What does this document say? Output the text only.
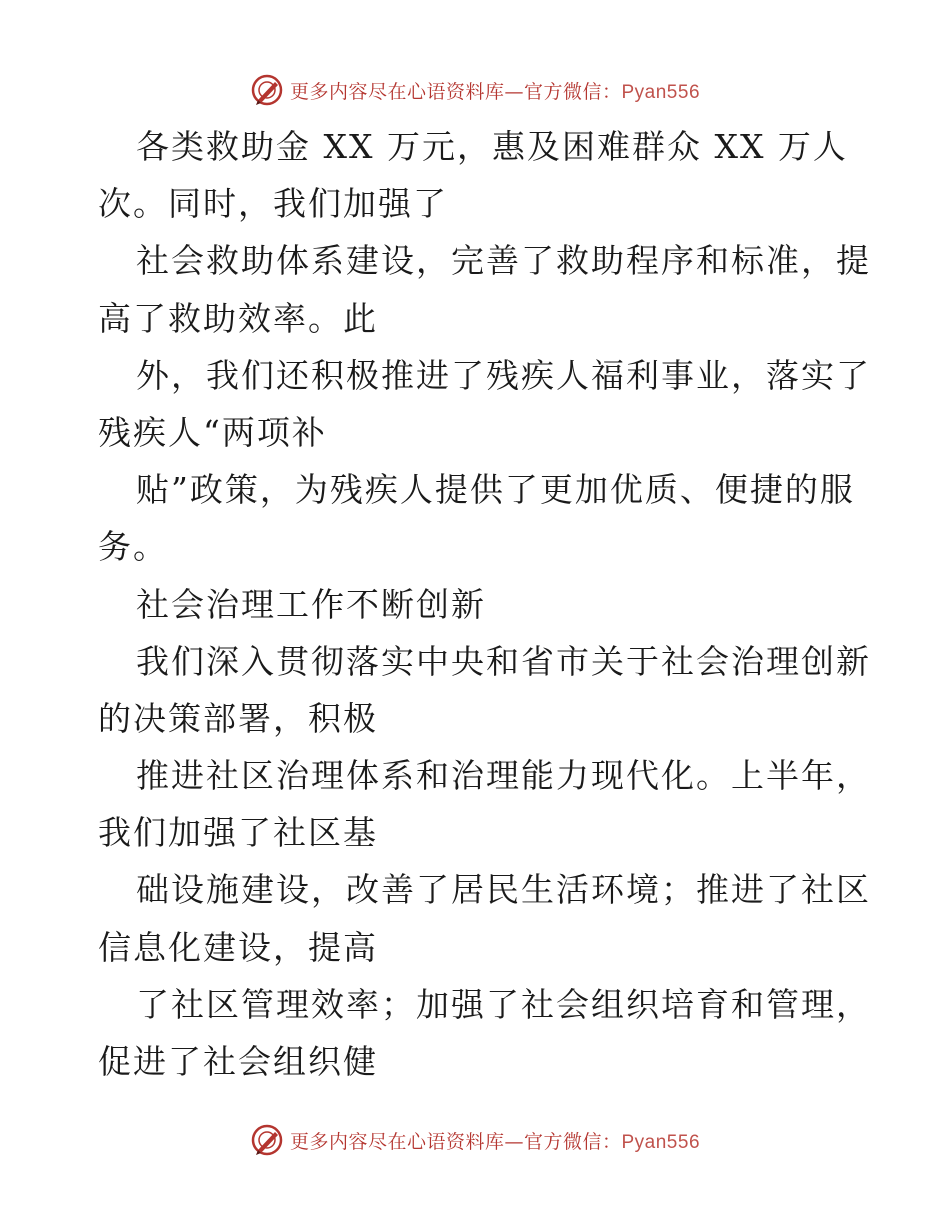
更多内容尽在心语资料库—官方微信：Pyan556
各类救助金 XX 万元，惠及困难群众 XX 万人
次。同时，我们加强了
社会救助体系建设，完善了救助程序和标准，提
高了救助效率。此
外，我们还积极推进了残疾人福利事业，落实了
残疾人“两项补
贴”政策，为残疾人提供了更加优质、便捷的服
务。
社会治理工作不断创新
我们深入贯彻落实中央和省市关于社会治理创新
的决策部署，积极
推进社区治理体系和治理能力现代化。上半年，
我们加强了社区基
础设施建设，改善了居民生活环境；推进了社区
信息化建设，提高
了社区管理效率；加强了社会组织培育和管理，
促进了社会组织健
更多内容尽在心语资料库—官方微信：Pyan556
